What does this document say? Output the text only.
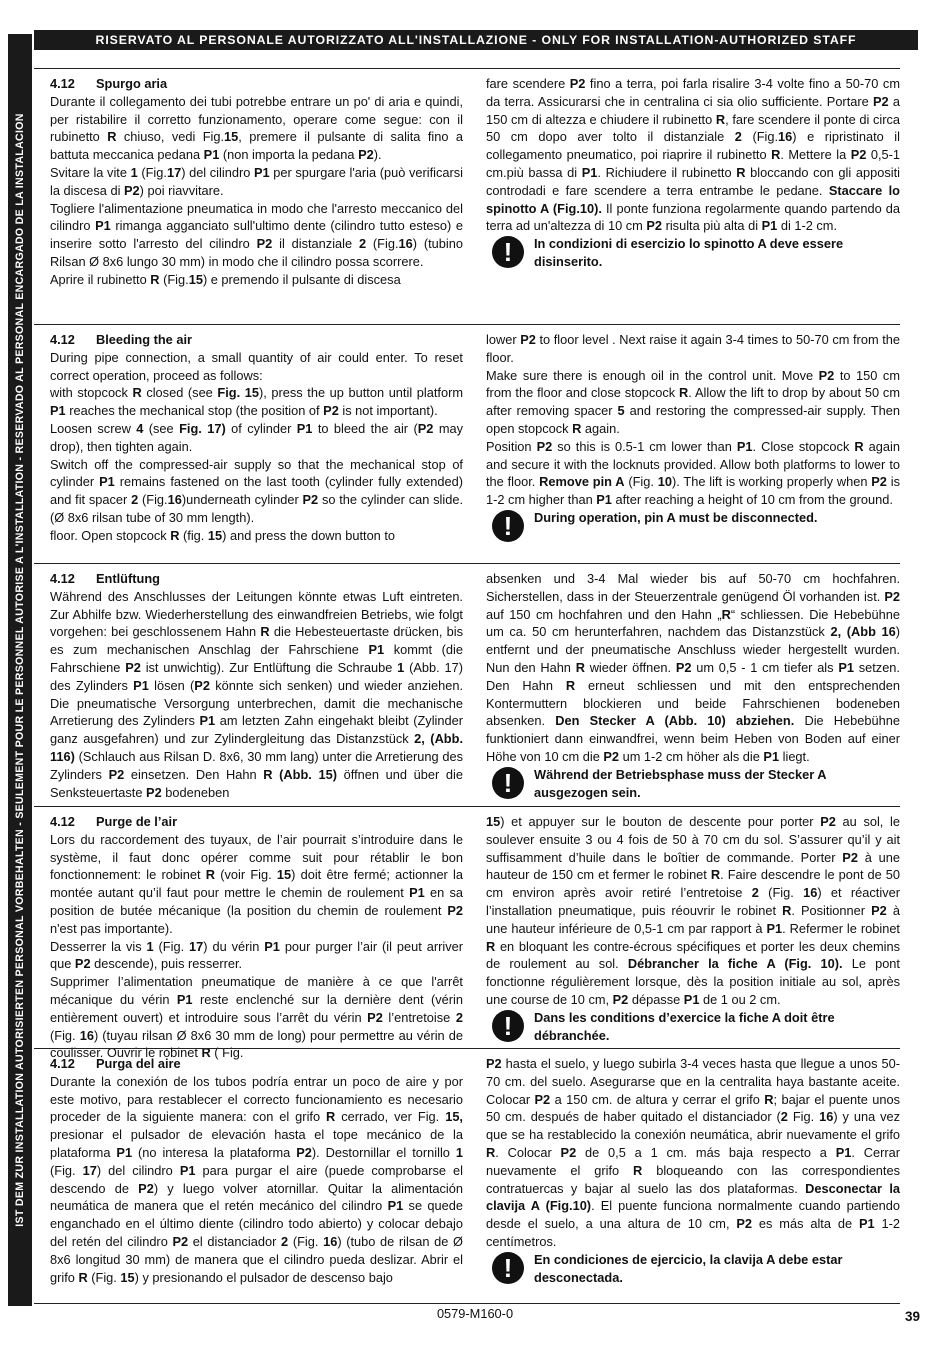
IST DEM ZUR INSTALLATION AUTORISIERTEN PERSONAL VORBEHALTEN - SEULEMENT POUR LE PERSONNEL AUTORISE A L'INSTALLATION - RESERVADO AL PERSONAL ENCARGADO DE LA INSTALACION
RISERVATO AL PERSONALE AUTORIZZATO ALL'INSTALLAZIONE - ONLY FOR INSTALLATION-AUTHORIZED STAFF

4.12 Spurgo aria

Durante il collegamento dei tubi potrebbe entrare un po' di aria e quindi, per ristabilire il corretto funzionamento, operare come segue: con il rubinetto R chiuso, vedi Fig.15, premere il pulsante di salita fino a battuta meccanica pedana P1 (non importa la pedana P2).
Svitare la vite 1 (Fig.17) del cilindro P1 per spurgare l'aria (può verificarsi la discesa di P2) poi riavvitare.
Togliere l'alimentazione pneumatica in modo che l'arresto meccanico del cilindro P1 rimanga agganciato sull'ultimo dente (cilindro tutto esteso) e inserire sotto l'arresto del cilindro P2 il distanziale 2 (Fig.16) (tubino Rilsan Ø 8x6 lungo 30 mm) in modo che il cilindro possa scorrere.
Aprire il rubinetto R (Fig.15) e premendo il pulsante di discesa

fare scendere P2 fino a terra, poi farla risalire 3-4 volte fino a 50-70 cm da terra. Assicurarsi che in centralina ci sia olio sufficiente. Portare P2 a 150 cm di altezza e chiudere il rubinetto R, fare scendere il ponte di circa 50 cm dopo aver tolto il distanziale 2 (Fig.16) e ripristinato il collegamento pneumatico, poi riaprire il rubinetto R. Mettere la P2 0,5-1 cm.più bassa di P1. Richiudere il rubinetto R bloccando con gli appositi controdadi e fare scendere a terra entrambe le pedane. Staccare lo spinotto A (Fig.10). Il ponte funziona regolarmente quando partendo da terra ad un'altezza di 10 cm P2 risulta più alta di P1 di 1-2 cm.

!	In condizioni di esercizio lo spinotto A deve essere disinserito.

4.12 Bleeding the air

During pipe connection, a small quantity of air could enter. To reset correct operation, proceed as follows:
with stopcock R closed (see Fig. 15), press the up button until platform P1 reaches the mechanical stop (the position of P2 is not important).
Loosen screw 4 (see Fig. 17) of cylinder P1 to bleed the air (P2 may drop), then tighten again.
Switch off the compressed-air supply so that the mechanical stop of cylinder P1 remains fastened on the last tooth (cylinder fully extended) and fit spacer 2 (Fig.16)underneath cylinder P2 so the cylinder can slide. (Ø 8x6 rilsan tube of 30 mm length).
floor. Open stopcock R (fig. 15) and press the down button to

lower P2 to floor level . Next raise it again 3-4 times to 50-70 cm from the floor.
Make sure there is enough oil in the control unit. Move P2 to 150 cm from the floor and close stopcock R. Allow the lift to drop by about 50 cm after removing spacer 5 and restoring the compressed-air supply. Then open stopcock R again.
Position P2 so this is 0.5-1 cm lower than P1. Close stopcock R again and secure it with the locknuts provided. Allow both platforms to lower to the floor. Remove pin A (Fig. 10). The lift is working properly when P2 is 1-2 cm higher than P1 after reaching a height of 10 cm from the ground.

!	During operation, pin A must be disconnected.

4.12 Entlüftung

Während des Anschlusses der Leitungen könnte etwas Luft eintreten. Zur Abhilfe bzw. Wiederherstellung des einwandfreien Betriebs, wie folgt vorgehen: bei geschlossenem Hahn R die Hebesteuertaste drücken, bis es zum mechanischen Anschlag der Fahrschiene P1 kommt (die Fahrschiene P2 ist unwichtig). Zur Entlüftung die Schraube 1 (Abb. 17) des Zylinders P1 lösen (P2 könnte sich senken) und wieder anziehen. Die pneumatische Versorgung unterbrechen, damit die mechanische Arretierung des Zylinders P1 am letzten Zahn eingehakt bleibt (Zylinder ganz ausgefahren) und zur Zylindergleitung das Distanzstück 2, (Abb. 116) (Schlauch aus Rilsan D. 8x6, 30 mm lang) unter die Arretierung des Zylinders P2 einsetzen. Den Hahn R (Abb. 15) öffnen und über die Senksteuertaste P2 bodeneben

absenken und 3-4 Mal wieder bis auf 50-70 cm hochfahren. Sicherstellen, dass in der Steuerzentrale genügend Öl vorhanden ist. P2 auf 150 cm hochfahren und den Hahn „R“ schliessen. Die Hebebühne um ca. 50 cm herunterfahren, nachdem das Distanzstück 2, (Abb 16) entfernt und der pneumatische Anschluss wieder hergestellt wurden. Nun den Hahn R wieder öffnen. P2 um 0,5 - 1 cm tiefer als P1 setzen. Den Hahn R erneut schliessen und mit den entsprechenden Kontermuttern blockieren und beide Fahrschienen bodeneben absenken. Den Stecker A (Abb. 10) abziehen. Die Hebebühne funktioniert dann einwandfrei, wenn beim Heben von Boden auf einer Höhe von 10 cm die P2 um 1-2 cm höher als die P1 liegt.

!	Während der Betriebsphase muss der Stecker A ausgezogen sein.

4.12 Purge de l’air

Lors du raccordement des tuyaux, de l’air pourrait s’introduire dans le système, il faut donc opérer comme suit pour rétablir le bon fonctionnement: le robinet R (voir Fig. 15) doit être fermé; actionner la montée autant qu’il faut pour mettre le chemin de roulement P1 en sa position de butée mécanique (la position du chemin de roulement P2 n'est pas importante).
Desserrer la vis 1 (Fig. 17) du vérin P1 pour purger l’air (il peut arriver que P2 descende), puis resserrer.
Supprimer l’alimentation pneumatique de manière à ce que l'arrêt mécanique du vérin P1 reste enclenché sur la dernière dent (vérin entièrement ouvert) et introduire sous l’arrêt du vérin P2 l’entretoise 2 (Fig. 16) (tuyau rilsan Ø 8x6 30 mm de long) pour permettre au vérin de coulisser. Ouvrir le robinet R ( Fig.

15) et appuyer sur le bouton de descente pour porter P2 au sol, le soulever ensuite 3 ou 4 fois de 50 à 70 cm du sol. S’assurer qu’il y ait suffisamment d’huile dans le boîtier de commande. Porter P2 à une hauteur de 150 cm et fermer le robinet R. Faire descendre le pont de 50 cm environ après avoir retiré l’entretoise 2 (Fig. 16) et réactiver l’installation pneumatique, puis réouvrir le robinet R. Positionner P2 à une hauteur inférieure de 0,5-1 cm par rapport à P1. Refermer le robinet R en bloquant les contre-écrous spécifiques et porter les deux chemins de roulement au sol. Débrancher la fiche A (Fig. 10). Le pont fonctionne régulièrement lorsque, dès la position initiale au sol, après une course de 10 cm, P2 dépasse P1 de 1 ou 2 cm.

!	Dans les conditions d’exercice la fiche A doit être débranchée.

4.12 Purga del aire

Durante la conexión de los tubos podría entrar un poco de aire y por este motivo, para restablecer el correcto funcionamiento es necesario proceder de la siguiente manera: con el grifo R cerrado, ver Fig. 15, presionar el pulsador de elevación hasta el tope mecánico de la plataforma P1 (no interesa la plataforma P2). Destornillar el tornillo 1 (Fig. 17) del cilindro P1 para purgar el aire (puede comprobarse el descendo de P2) y luego volver atornillar. Quitar la alimentación neumática de manera que el retén mecánico del cilindro P1 se quede enganchado en el último diente (cilindro todo abierto) y colocar debajo del retén del cilindro P2 el distanciador 2 (Fig. 16) (tubo de rilsan de Ø 8x6 longitud 30 mm) de manera que el cilindro pueda deslizar. Abrir el grifo R (Fig. 15) y presionando el pulsador de descenso bajo

P2 hasta el suelo, y luego subirla 3-4 veces hasta que llegue a unos 50-70 cm. del suelo. Asegurarse que en la centralita haya bastante aceite. Colocar P2 a 150 cm. de altura y cerrar el grifo R; bajar el puente unos 50 cm. después de haber quitado el distanciador (2 Fig. 16) y una vez que se ha restablecido la conexión neumática, abrir nuevamente el grifo R. Colocar P2 de 0,5 a 1 cm. más baja respecto a P1. Cerrar nuevamente el grifo R bloqueando con las correspondientes contratuercas y bajar al suelo las dos plataformas. Desconectar la clavija A (Fig.10). El puente funciona normalmente cuando partiendo desde el suelo, a una altura de 10 cm, P2 es más alta de P1 1-2 centímetros.

!	En condiciones de ejercicio, la clavija A debe estar desconectada.
0579-M160-0	39
